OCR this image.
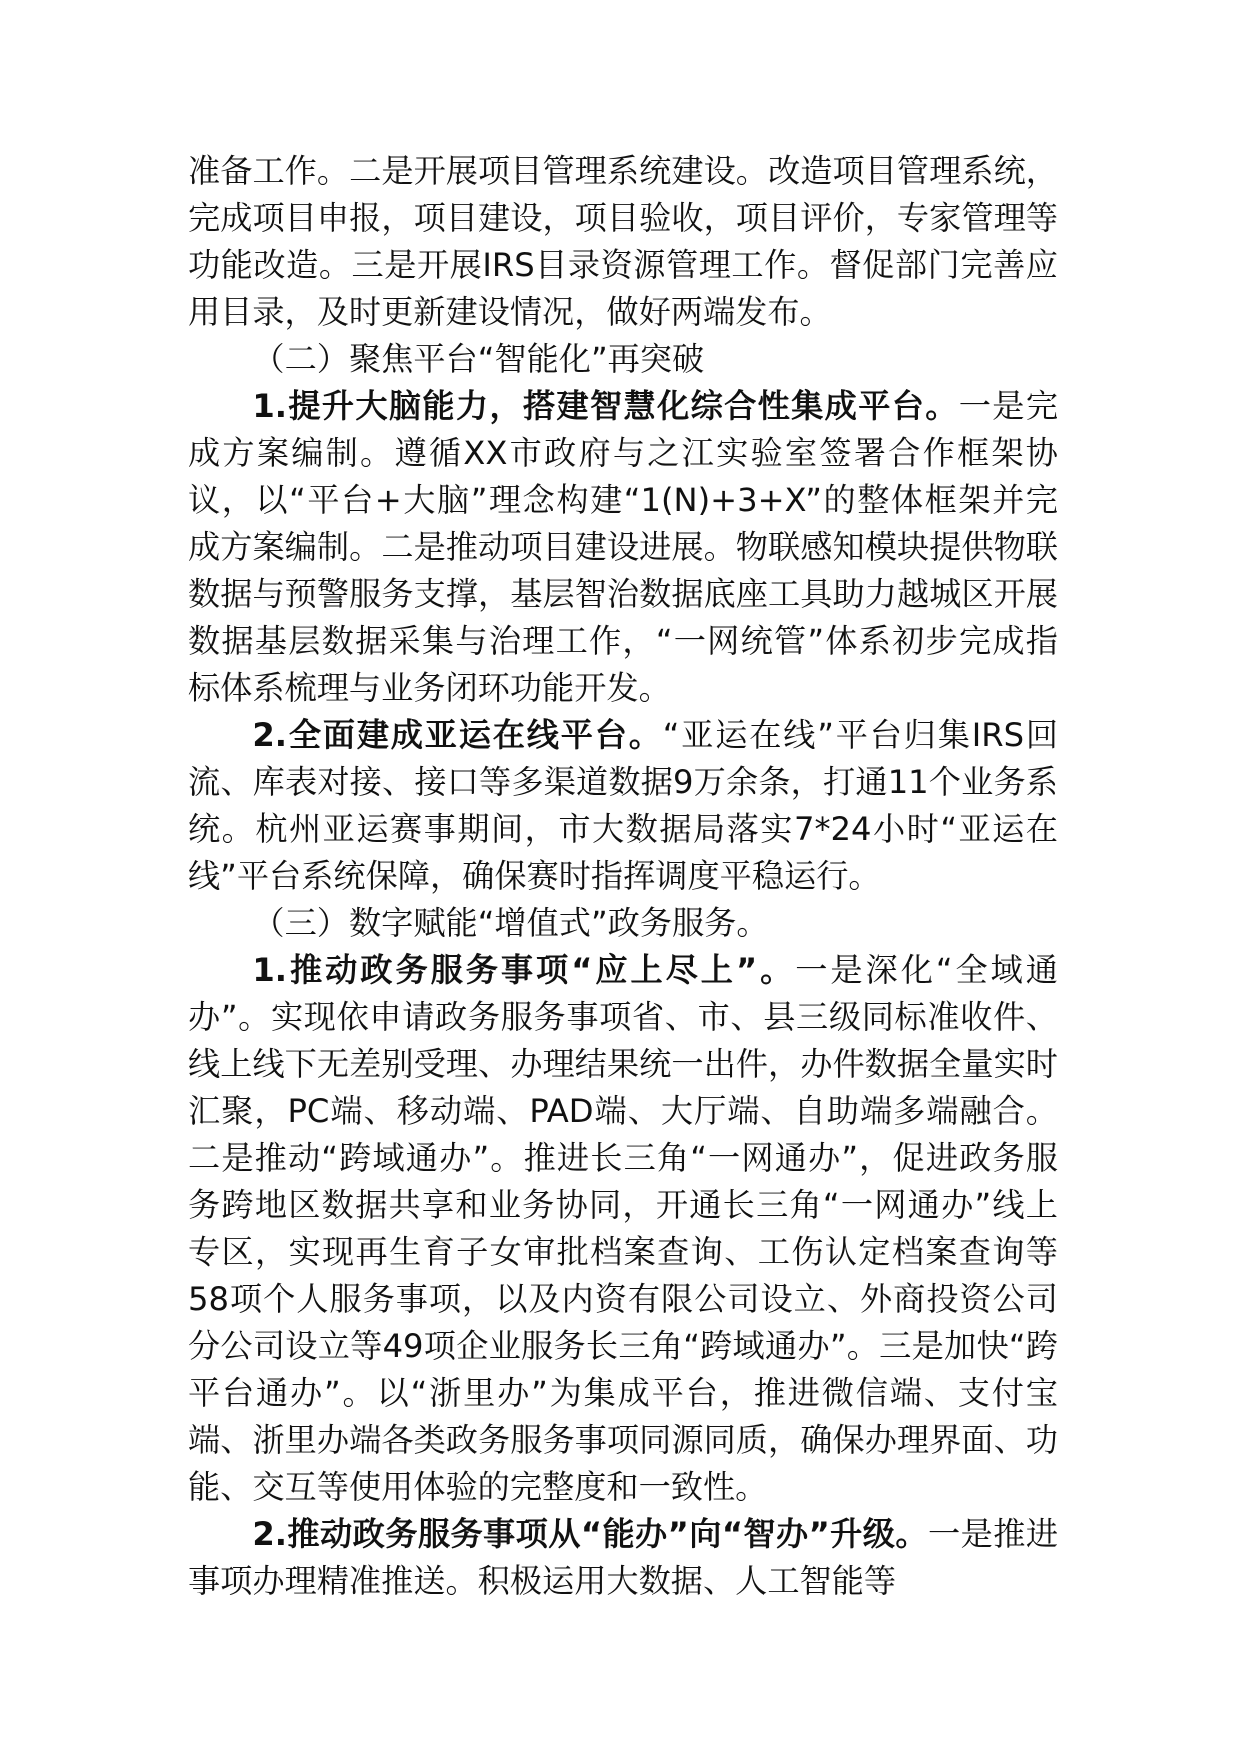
准备工作。二是开展项目管理系统建设。改造项目管理系统，完成项目申报，项目建设，项目验收，项目评价，专家管理等功能改造。三是开展IRS目录资源管理工作。督促部门完善应用目录，及时更新建设情况，做好两端发布。

（二）聚焦平台“智能化”再突破

1.提升大脑能力，搭建智慧化综合性集成平台。一是完成方案编制。遵循XX市政府与之江实验室签署合作框架协议，以“平台+大脑”理念构建“1(N)+3+X”的整体框架并完成方案编制。二是推动项目建设进展。物联感知模块提供物联数据与预警服务支撑，基层智治数据底座工具助力越城区开展数据基层数据采集与治理工作，“一网统管”体系初步完成指标体系梳理与业务闭环功能开发。

2.全面建成亚运在线平台。“亚运在线”平台归集IRS回流、库表对接、接口等多渠道数据9万余条，打通11个业务系统。杭州亚运赛事期间，市大数据局落实7*24小时“亚运在线”平台系统保障，确保赛时指挥调度平稳运行。

（三）数字赋能“增值式”政务服务。

1.推动政务服务事项“应上尽上”。一是深化“全域通办”。实现依申请政务服务事项省、市、县三级同标准收件、线上线下无差别受理、办理结果统一出件，办件数据全量实时汇聚，PC端、移动端、PAD端、大厅端、自助端多端融合。二是推动“跨域通办”。推进长三角“一网通办”，促进政务服务跨地区数据共享和业务协同，开通长三角“一网通办”线上专区，实现再生育子女审批档案查询、工伤认定档案查询等58项个人服务事项，以及内资有限公司设立、外商投资公司分公司设立等49项企业服务长三角“跨域通办”。三是加快“跨平台通办”。以“浙里办”为集成平台，推进微信端、支付宝端、浙里办端各类政务服务事项同源同质，确保办理界面、功能、交互等使用体验的完整度和一致性。

2.推动政务服务事项从“能办”向“智办”升级。一是推进事项办理精准推送。积极运用大数据、人工智能等
